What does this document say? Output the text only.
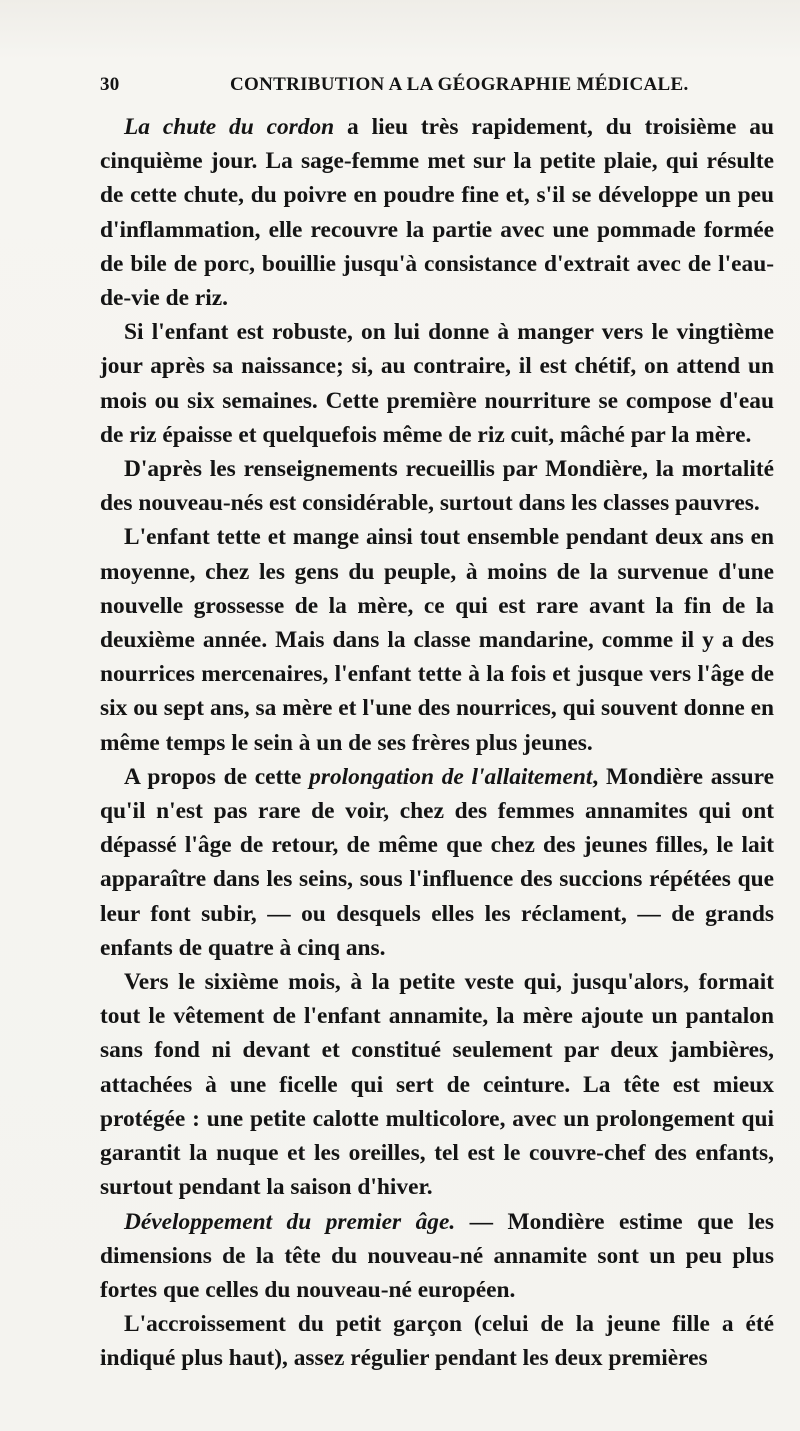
30	CONTRIBUTION A LA GÉOGRAPHIE MÉDICALE.

La chute du cordon a lieu très rapidement, du troisième au cinquième jour. La sage-femme met sur la petite plaie, qui résulte de cette chute, du poivre en poudre fine et, s'il se développe un peu d'inflammation, elle recouvre la partie avec une pommade formée de bile de porc, bouillie jusqu'à consistance d'extrait avec de l'eau-de-vie de riz.

Si l'enfant est robuste, on lui donne à manger vers le vingtième jour après sa naissance; si, au contraire, il est chétif, on attend un mois ou six semaines. Cette première nourriture se compose d'eau de riz épaisse et quelquefois même de riz cuit, mâché par la mère.

D'après les renseignements recueillis par Mondière, la mortalité des nouveau-nés est considérable, surtout dans les classes pauvres.

L'enfant tette et mange ainsi tout ensemble pendant deux ans en moyenne, chez les gens du peuple, à moins de la survenue d'une nouvelle grossesse de la mère, ce qui est rare avant la fin de la deuxième année. Mais dans la classe mandarine, comme il y a des nourrices mercenaires, l'enfant tette à la fois et jusque vers l'âge de six ou sept ans, sa mère et l'une des nourrices, qui souvent donne en même temps le sein à un de ses frères plus jeunes.

A propos de cette prolongation de l'allaitement, Mondière assure qu'il n'est pas rare de voir, chez des femmes annamites qui ont dépassé l'âge de retour, de même que chez des jeunes filles, le lait apparaître dans les seins, sous l'influence des succions répétées que leur font subir, — ou desquels elles les réclament, — de grands enfants de quatre à cinq ans.

Vers le sixième mois, à la petite veste qui, jusqu'alors, formait tout le vêtement de l'enfant annamite, la mère ajoute un pantalon sans fond ni devant et constitué seulement par deux jambières, attachées à une ficelle qui sert de ceinture. La tête est mieux protégée : une petite calotte multicolore, avec un prolongement qui garantit la nuque et les oreilles, tel est le couvre-chef des enfants, surtout pendant la saison d'hiver.

Développement du premier âge. — Mondière estime que les dimensions de la tête du nouveau-né annamite sont un peu plus fortes que celles du nouveau-né européen.

L'accroissement du petit garçon (celui de la jeune fille a été indiqué plus haut), assez régulier pendant les deux premières
